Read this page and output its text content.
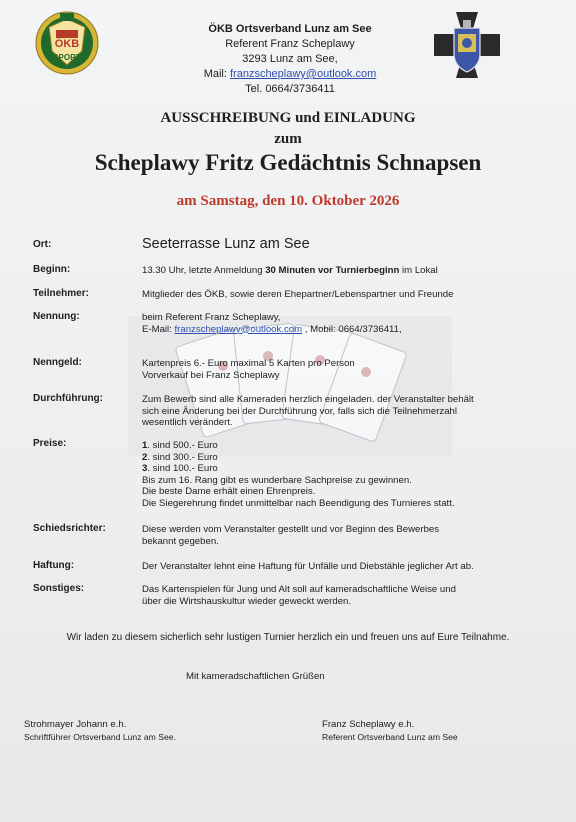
ÖKB
SPORT
ÖKB Ortsverband Lunz am See
Referent Franz Scheplawy
3293 Lunz am See,
Mail: franzscheplawy@outlook.com
Tel. 0664/3736411
AUSSCHREIBUNG und EINLADUNG
zum
Scheplawy Fritz Gedächtnis Schnapsen
am Samstag, den 10. Oktober 2026
Ort:	Seeterrasse Lunz am See
Beginn:	13.30 Uhr, letzte Anmeldung 30 Minuten vor Turnierbeginn im Lokal
Teilnehmer:	Mitglieder des ÖKB, sowie deren Ehepartner/Lebenspartner und Freunde
Nennung:	beim Referent Franz Scheplawy,
E-Mail: franzscheplawy@outlook.com , Mobil: 0664/3736411,
Nenngeld:	Kartenpreis 6.- Euro maximal 5 Karten pro Person
Vorverkauf bei Franz Scheplawy
Durchführung:	Zum Bewerb sind alle Kameraden herzlich eingeladen. der Veranstalter behält
sich eine Änderung bei der Durchführung vor, falls sich die Teilnehmerzahl
wesentlich verändert.
Preise:	1. sind 500.- Euro
2. sind 300.- Euro
3. sind 100.- Euro
Bis zum 16. Rang gibt es wunderbare Sachpreise zu gewinnen.
Die beste Dame erhält einen Ehrenpreis.
Die Siegerehrung findet unmittelbar nach Beendigung des Turnieres statt.
Schiedsrichter:	Diese werden vom Veranstalter gestellt und vor Beginn des Bewerbes
bekannt gegeben.
Haftung:	Der Veranstalter lehnt eine Haftung für Unfälle und Diebstähle jeglicher Art ab.
Sonstiges:	Das Kartenspielen für Jung und Alt soll auf kameradschaftliche Weise und
über die Wirtshauskultur wieder geweckt werden.
Wir laden zu diesem sicherlich sehr lustigen Turnier herzlich ein und freuen uns auf Eure Teilnahme.
Mit kameradschaftlichen Grüßen
Strohmayer Johann e.h.
Schriftführer Ortsverband Lunz am See.
Franz Scheplawy e.h.
Referent Ortsverband Lunz am See
